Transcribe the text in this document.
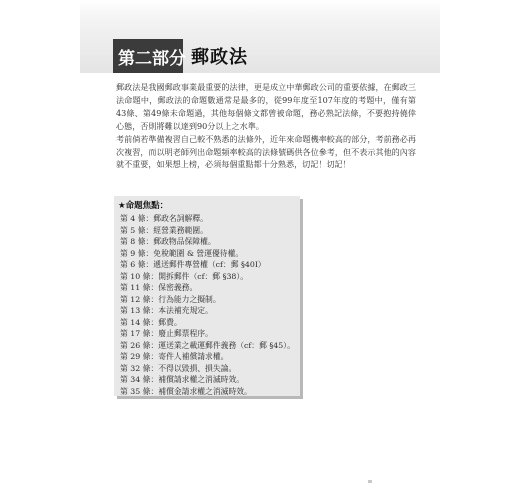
第二部分 郵政法

郵政法是我國郵政事業最重要的法律，更是成立中華郵政公司的重要依據，在郵政三法命題中，郵政法的命題數通常是最多的，從99年度至107年度的考題中，僅有第43條、第49條未命題過，其他每個條文都曾被命題，務必熟記法條，不要抱持僥倖心態，否則將難以達到90分以上之水準。

考前倘若準備複習自己較不熟悉的法條外，近年來命題機率較高的部分，考前務必再次複習，而以明老師列出命題頻率較高的法條號碼供各位參考，但不表示其他的內容就不重要，如果想上榜，必須每個重點都十分熟悉，切記！切記！

★命題焦點：
第 4 條：郵政名詞解釋。
第 5 條：經營業務範圍。
第 8 條：郵政物品保障權。
第 9 條：免稅範圍 & 營運優待權。
第 6 條：遞送郵件專營權（cf：郵 §40Ⅰ）
第 10 條：開拆郵件（cf：郵 §38）。
第 11 條：保密義務。
第 12 條：行為能力之擬制。
第 13 條：本法補充規定。
第 14 條：郵費。
第 17 條：廢止郵票程序。
第 26 條：運送業之載運郵件義務（cf：郵 §45）。
第 29 條：寄件人補償請求權。
第 32 條：不得以毀損、損失論。
第 34 條：補償請求權之消滅時效。
第 35 條：補償金請求權之消滅時效。
